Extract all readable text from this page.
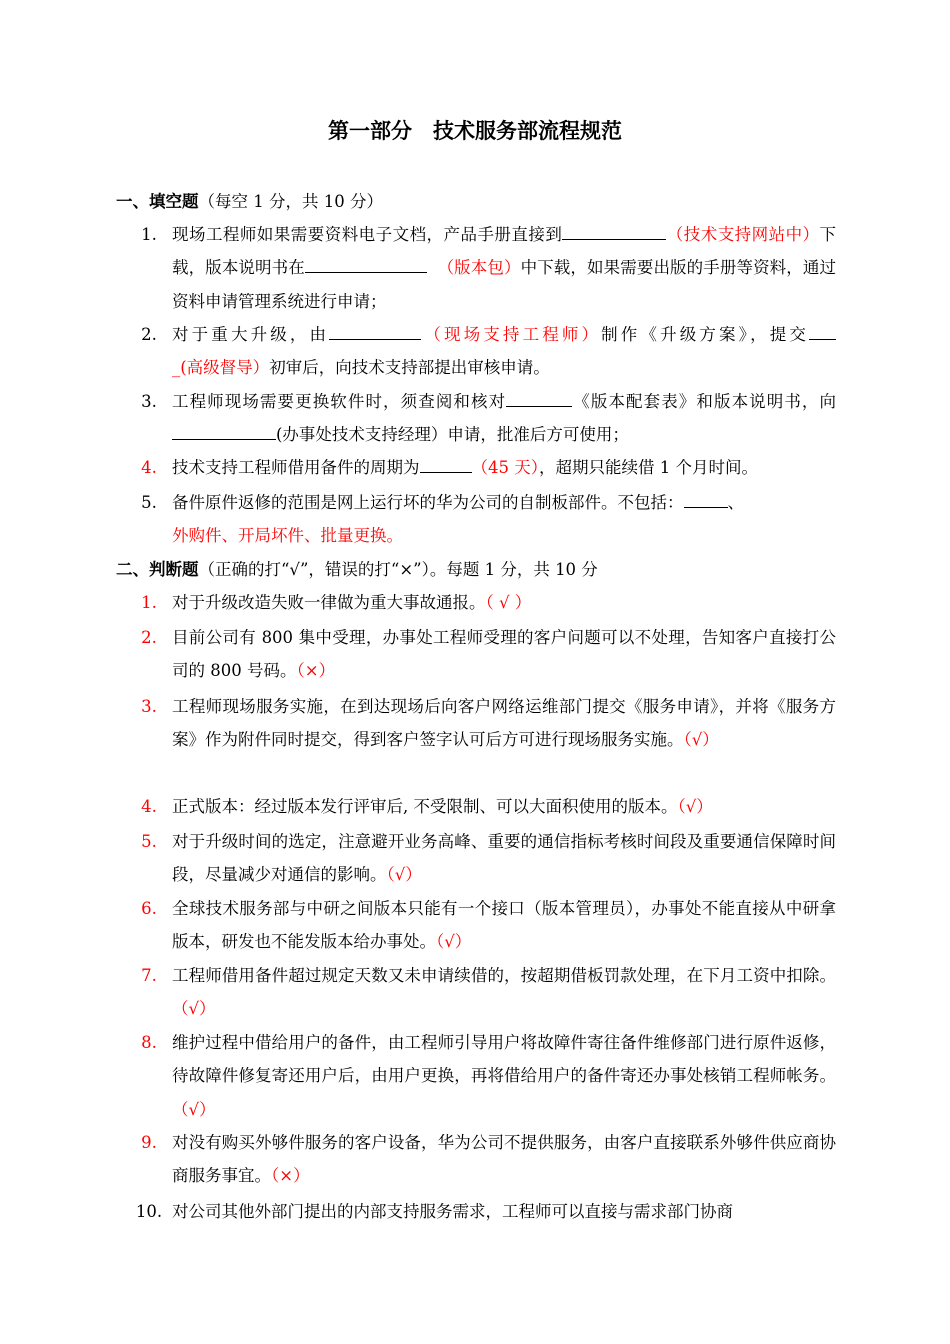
第一部分　技术服务部流程规范
一、填空题（每空 1 分，共 10 分）
1. 现场工程师如果需要资料电子文档，产品手册直接到	（技术支持网站中）下载，版本说明书在	（版本包）中下载，如果需要出版的手册等资料，通过资料申请管理系统进行申请；
2. 对于重大升级，由	（现场支持工程师）制作《升级方案》，提交_(高级督导）初审后，向技术支持部提出审核申请。
3. 工程师现场需要更换软件时，须查阅和核对	《版本配套表》和版本说明书，向(办事处技术支持经理）申请，批准后方可使用；
4. 技术支持工程师借用备件的周期为	（45 天），超期只能续借 1 个月时间。
5. 备件原件返修的范围是网上运行坏的华为公司的自制板部件。不包括：	、
外购件、开局坏件、批量更换。
二、判断题（正确的打“√”，错误的打“×”）。每题 1 分，共 10 分
1. 对于升级改造失败一律做为重大事故通报。（ √ ）
2. 目前公司有 800 集中受理，办事处工程师受理的客户问题可以不处理，告知客户直接打公司的 800 号码。（×）
3. 工程师现场服务实施，在到达现场后向客户网络运维部门提交《服务申请》，并将《服务方案》作为附件同时提交，得到客户签字认可后方可进行现场服务实施。（√）
4. 正式版本：经过版本发行评审后, 不受限制、可以大面积使用的版本。（√）
5. 对于升级时间的选定，注意避开业务高峰、重要的通信指标考核时间段及重要通信保障时间段，尽量减少对通信的影响。（√）
6. 全球技术服务部与中研之间版本只能有一个接口（版本管理员），办事处不能直接从中研拿版本，研发也不能发版本给办事处。（√）
7. 工程师借用备件超过规定天数又未申请续借的，按超期借板罚款处理，在下月工资中扣除。（√）
8. 维护过程中借给用户的备件，由工程师引导用户将故障件寄往备件维修部门进行原件返修，待故障件修复寄还用户后，由用户更换，再将借给用户的备件寄还办事处核销工程师帐务。（√）
9. 对没有购买外够件服务的客户设备，华为公司不提供服务，由客户直接联系外够件供应商协商服务事宜。（×）
10. 对公司其他外部门提出的内部支持服务需求，工程师可以直接与需求部门协商
